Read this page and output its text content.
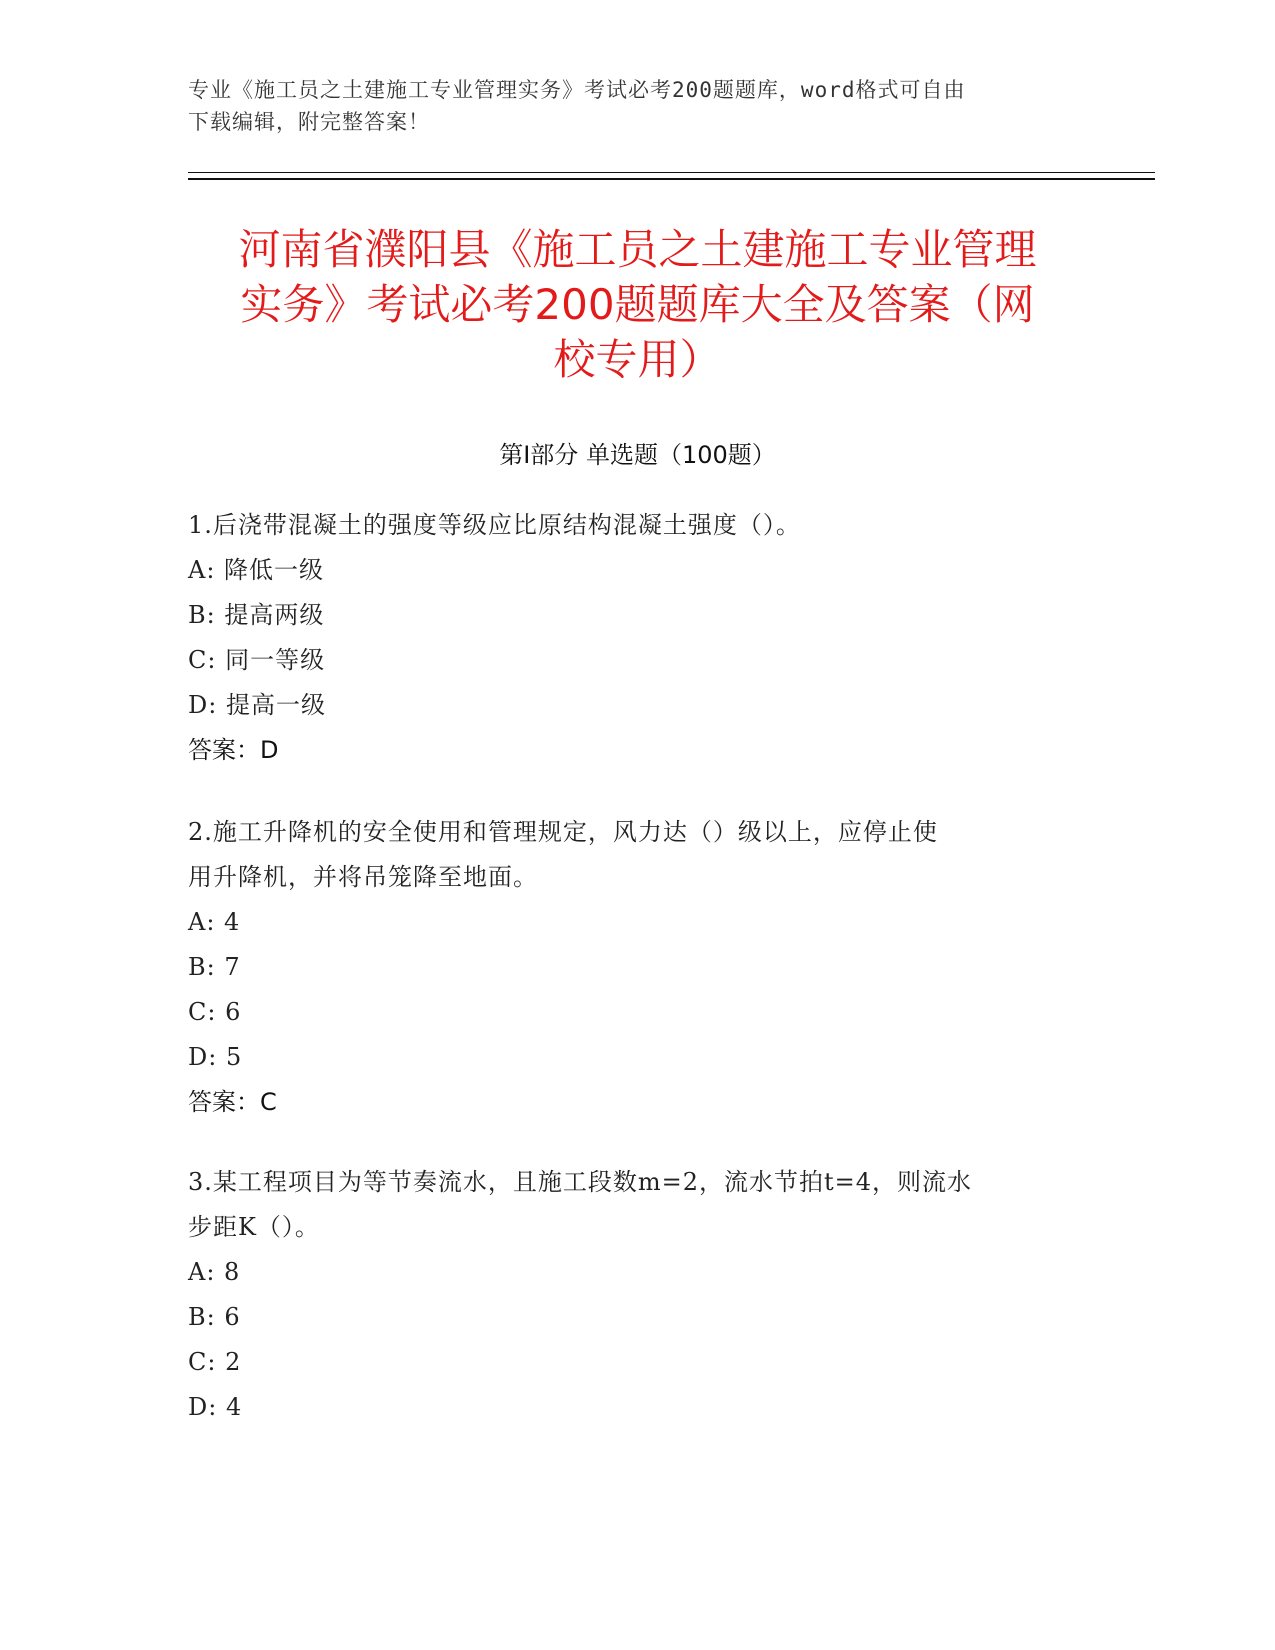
专业《施工员之土建施工专业管理实务》考试必考200题题库，word格式可自由
下载编辑，附完整答案！
河南省濮阳县《施工员之土建施工专业管理
实务》考试必考200题题库大全及答案（网
校专用）
第Ⅰ部分 单选题（100题）
1.后浇带混凝土的强度等级应比原结构混凝土强度（）。
A: 降低一级
B: 提高两级
C: 同一等级
D: 提高一级
答案：D
2.施工升降机的安全使用和管理规定，风力达（）级以上，应停止使
用升降机，并将吊笼降至地面。
A: 4
B: 7
C: 6
D: 5
答案：C
3.某工程项目为等节奏流水，且施工段数m=2，流水节拍t=4，则流水
步距K（）。
A: 8
B: 6
C: 2
D: 4
